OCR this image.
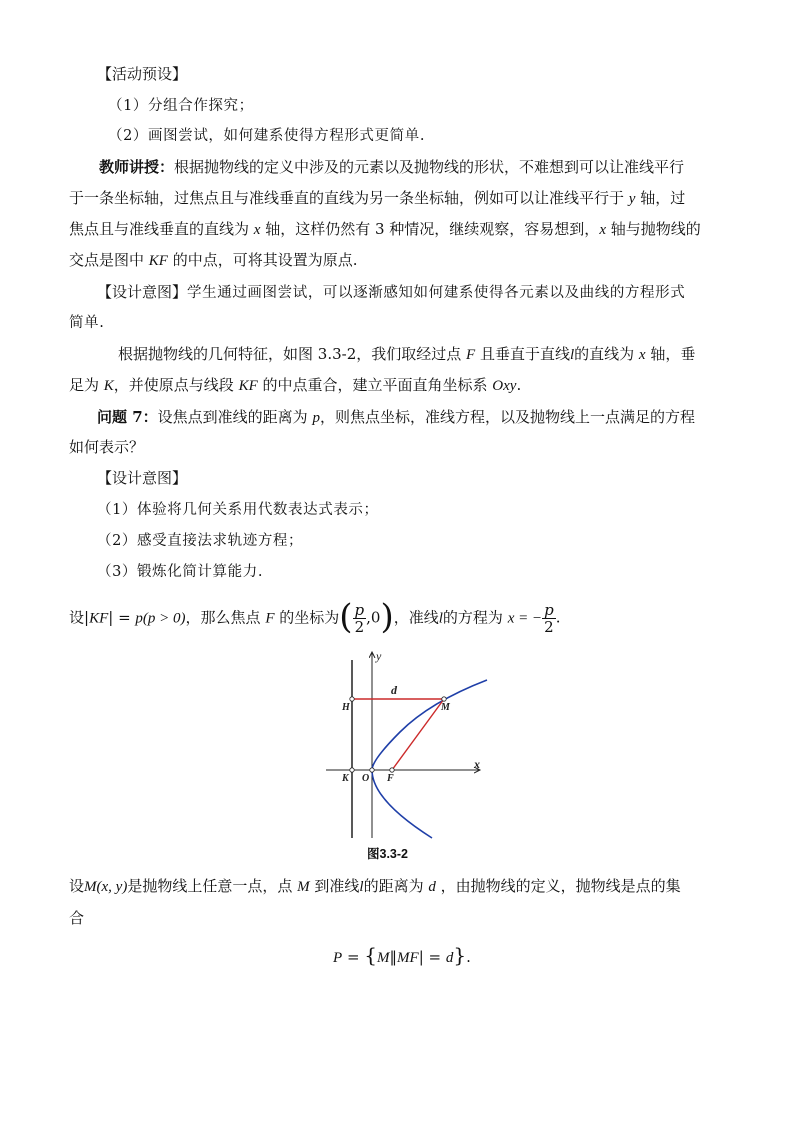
【活动预设】
（1）分组合作探究；
（2）画图尝试，如何建系使得方程形式更简单.
教师讲授：根据抛物线的定义中涉及的元素以及抛物线的形状，不难想到可以让准线平行
于一条坐标轴，过焦点且与准线垂直的直线为另一条坐标轴，例如可以让准线平行于 y 轴，过
焦点且与准线垂直的直线为 x 轴，这样仍然有 3 种情况，继续观察，容易想到，x 轴与抛物线的
交点是图中 KF 的中点，可将其设置为原点.
【设计意图】学生通过画图尝试，可以逐渐感知如何建系使得各元素以及曲线的方程形式
简单.
根据抛物线的几何特征，如图 3.3-2，我们取经过点 F 且垂直于直线l的直线为 x 轴，垂
足为 K，并使原点与线段 KF 的中点重合，建立平面直角坐标系 Oxy.
问题 7：设焦点到准线的距离为 p，则焦点坐标，准线方程，以及抛物线上一点满足的方程
如何表示？
【设计意图】
（1）体验将几何关系用代数表达式表示；
（2）感受直接法求轨迹方程；
（3）锻炼化简计算能力.
设|KF| = p(p > 0)，那么焦点 F 的坐标为( $\frac{p}{2} ,0$)，准线l的方程为 x = − $\frac{p}{2}$ .
y
x
H	M
d
K O F
图3.3-2
设M(x, y)是抛物线上任意一点，点 M 到准线l的距离为 d ，由抛物线的定义，抛物线是点的集
合
P = {M‖MF| = d}.
